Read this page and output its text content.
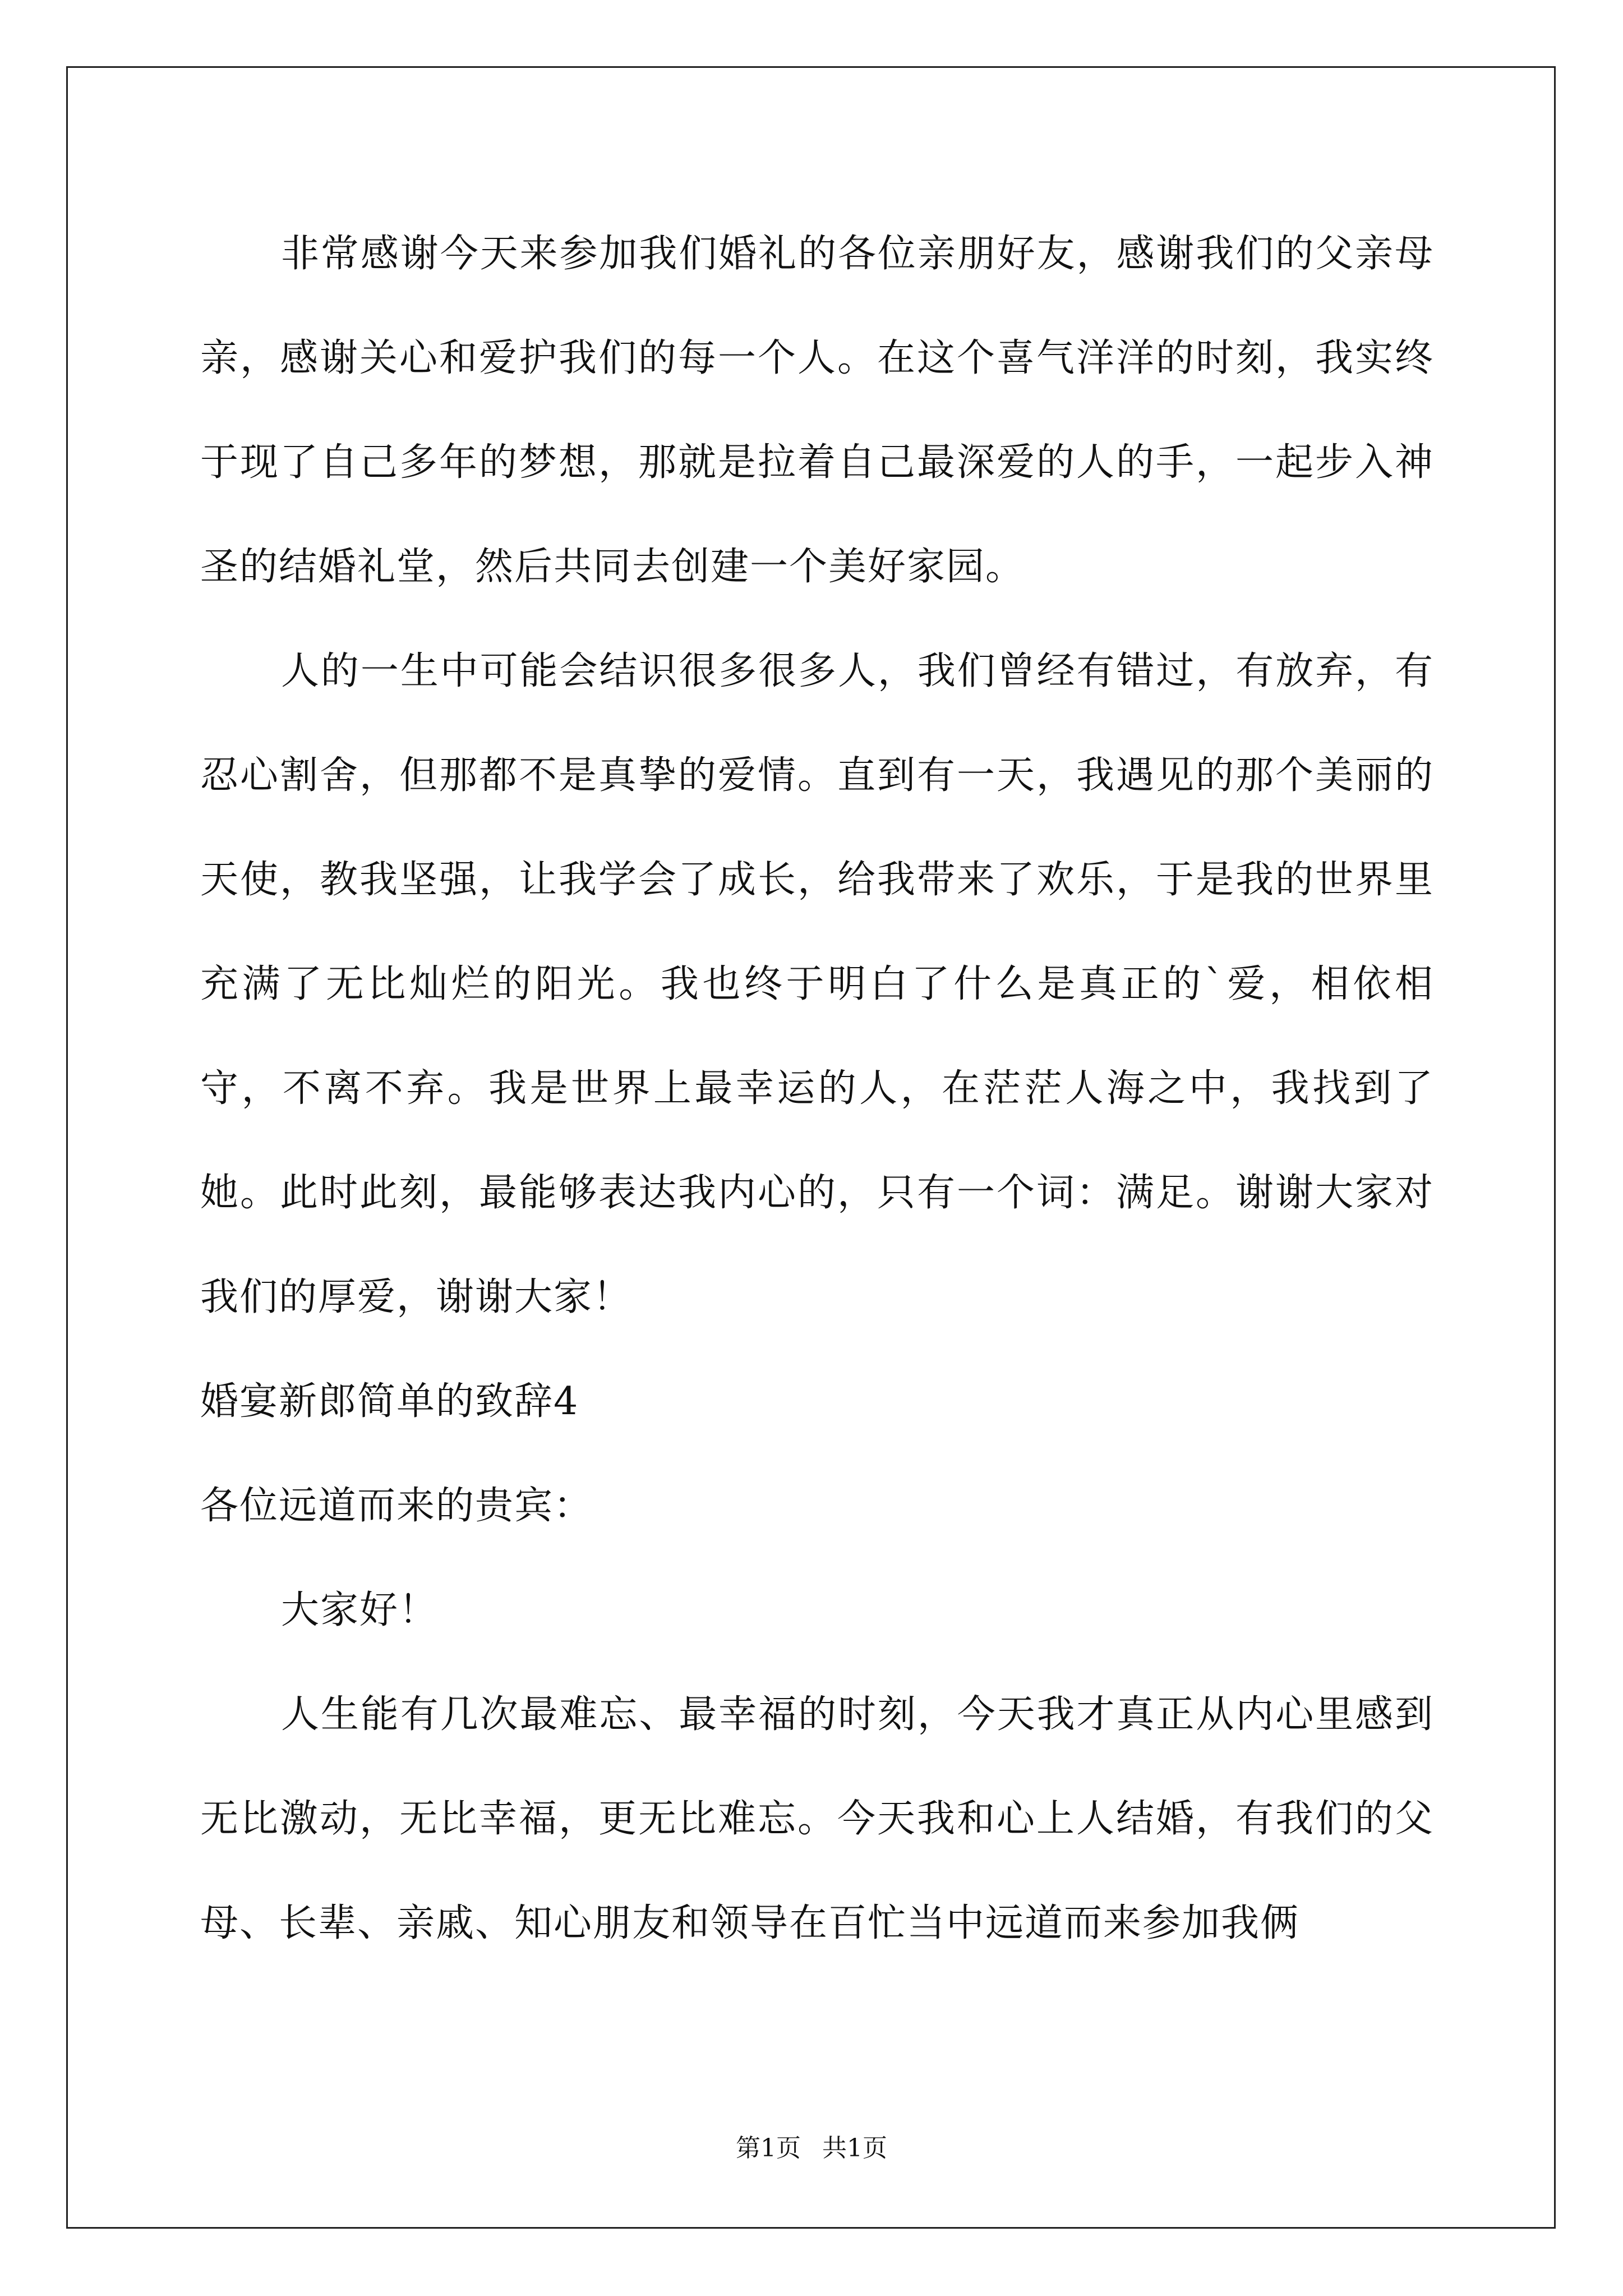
非常感谢今天来参加我们婚礼的各位亲朋好友，感谢我们的父亲母亲，感谢关心和爱护我们的每一个人。在这个喜气洋洋的时刻，我实终于现了自己多年的梦想，那就是拉着自己最深爱的人的手，一起步入神圣的结婚礼堂，然后共同去创建一个美好家园。

人的一生中可能会结识很多很多人，我们曾经有错过，有放弃，有忍心割舍，但那都不是真挚的爱情。直到有一天，我遇见的那个美丽的天使，教我坚强，让我学会了成长，给我带来了欢乐，于是我的世界里充满了无比灿烂的阳光。我也终于明白了什么是真正的`爱，相依相守，不离不弃。我是世界上最幸运的人，在茫茫人海之中，我找到了她。此时此刻，最能够表达我内心的，只有一个词：满足。谢谢大家对我们的厚爱，谢谢大家！

婚宴新郎简单的致辞4

各位远道而来的贵宾：

大家好！

人生能有几次最难忘、最幸福的时刻，今天我才真正从内心里感到无比激动，无比幸福，更无比难忘。今天我和心上人结婚，有我们的父母、长辈、亲戚、知心朋友和领导在百忙当中远道而来参加我俩

第1页 共1页
